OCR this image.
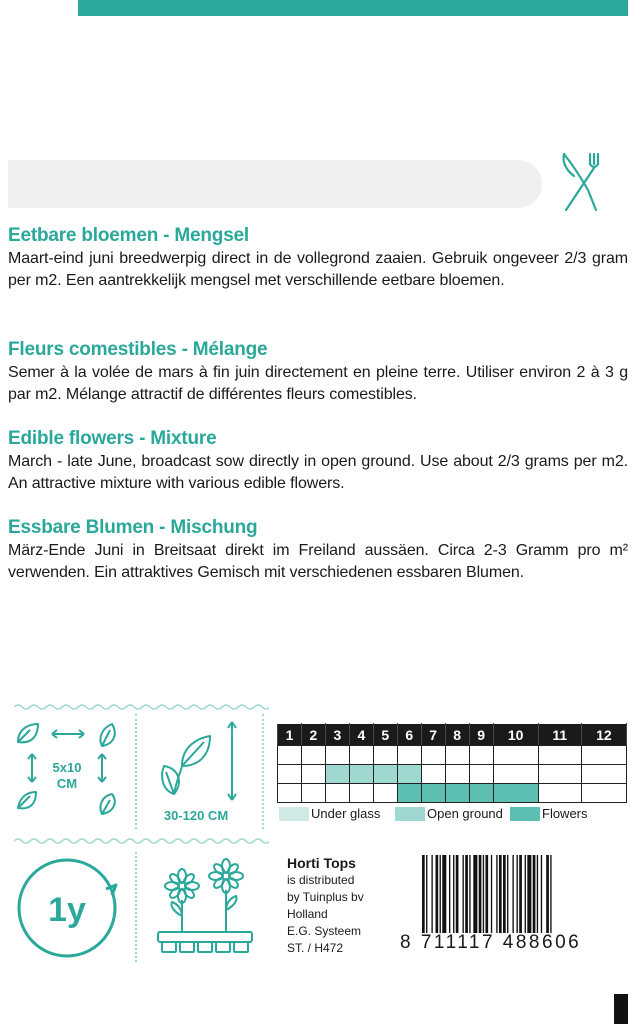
Eetbare bloemen - Mengsel
Maart-eind juni breedwerpig direct in de vollegrond zaaien. Gebruik ongeveer 2/3 gram per m2. Een aantrekkelijk mengsel met verschillende eetbare bloemen.
Fleurs comestibles - Mélange
Semer à la volée de mars à fin juin directement en pleine terre. Utiliser environ 2 à 3 g par m2. Mélange attractif de différentes fleurs comestibles.
Edible flowers - Mixture
March - late June, broadcast sow directly in open ground. Use about 2/3 grams per m2. An attractive mixture with various edible flowers.
Essbare Blumen - Mischung
März-Ende Juni in Breitsaat direkt im Freiland aussäen. Circa 2-3 Gramm pro m² verwenden. Ein attraktives Gemisch mit verschiedenen essbaren Blumen.
5x10
CM
30-120 CM
1	2	3	4	5	6	7	8	9	10	11	12

Under glass	Open ground	Flowers
1y
Horti Tops
is distributed
by Tuinplus bv
Holland
E.G. Systeem
ST. / H472	8 711117 488606
